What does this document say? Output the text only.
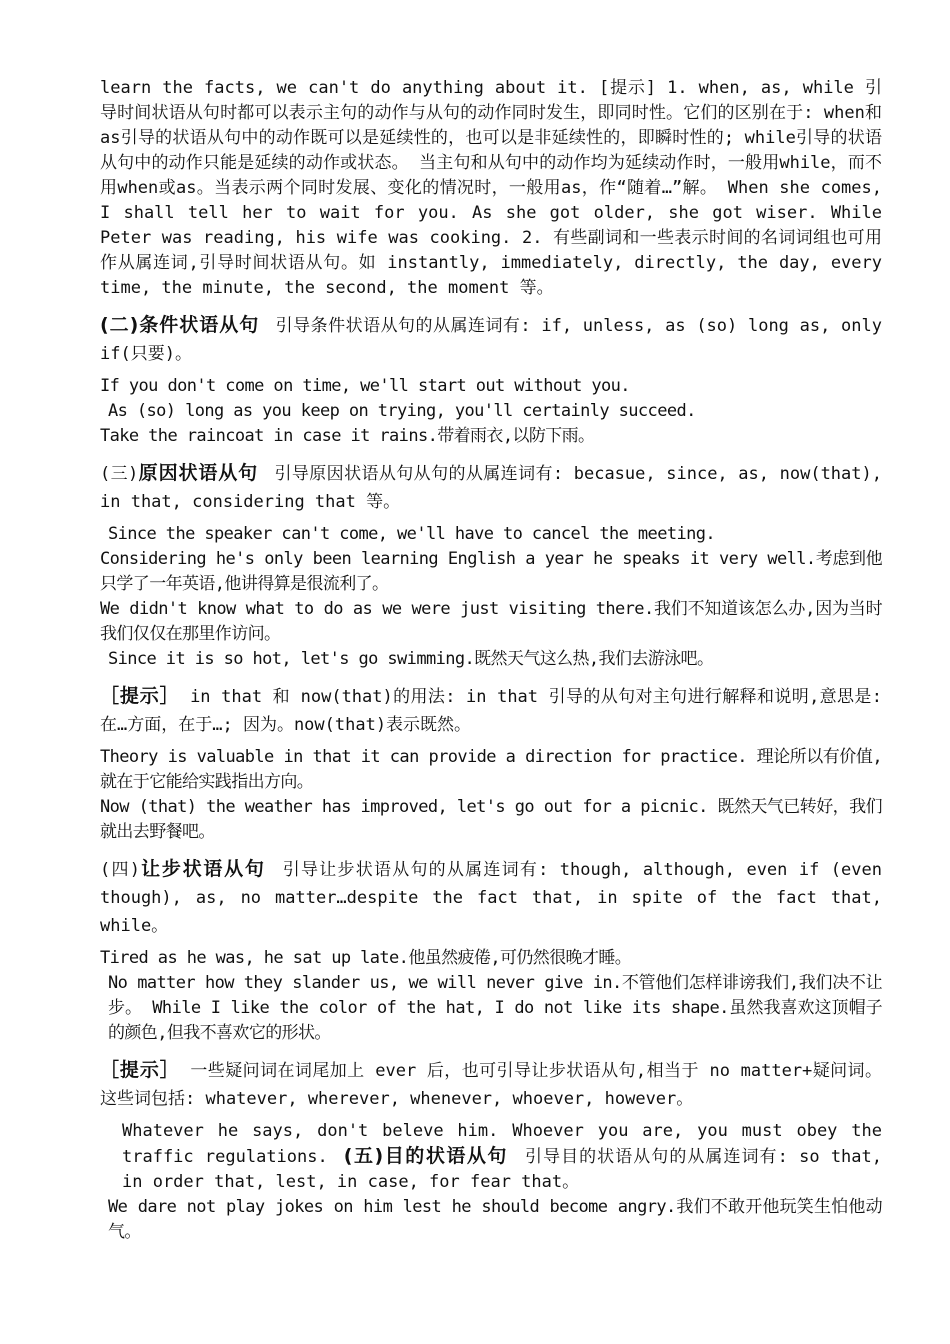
learn the facts, we can't do anything about it. [提示] 1. when, as, while 引导时间状语从句时都可以表示主句的动作与从句的动作同时发生，即同时性。它们的区别在于: when和as引导的状语从句中的动作既可以是延续性的，也可以是非延续性的，即瞬时性的; while引导的状语从句中的动作只能是延续的动作或状态。 当主句和从句中的动作均为延续动作时，一般用while，而不用when或as。当表示两个同时发展、变化的情况时，一般用as，作“随着…”解。 When she comes, I shall tell her to wait for you. As she got older, she got wiser. While Peter was reading, his wife was cooking. 2. 有些副词和一些表示时间的名词词组也可用作从属连词,引导时间状语从句。如 instantly, immediately, directly, the day, every time, the minute, the second, the moment 等。

(二)条件状语从句 引导条件状语从句的从属连词有: if, unless, as (so) long as, only if(只要)。

If you don't come on time, we'll start out without you.

As (so) long as you keep on trying, you'll certainly succeed.

Take the raincoat in case it rains.带着雨衣,以防下雨。

(三)原因状语从句 引导原因状语从句从句的从属连词有: becasue, since, as, now(that), in that, considering that 等。

Since the speaker can't come, we'll have to cancel the meeting.

Considering he's only been learning English a year he speaks it very well.考虑到他只学了一年英语,他讲得算是很流利了。

We didn't know what to do as we were just visiting there.我们不知道该怎么办,因为当时我们仅仅在那里作访问。

Since it is so hot, let's go swimming.既然天气这么热,我们去游泳吧。

［提示］ in that 和 now(that)的用法: in that 引导的从句对主句进行解释和说明,意思是:在…方面，在于…; 因为。now(that)表示既然。

Theory is valuable in that it can provide a direction for practice. 理论所以有价值,就在于它能给实践指出方向。

Now (that) the weather has improved, let's go out for a picnic. 既然天气已转好，我们就出去野餐吧。

(四)让步状语从句 引导让步状语从句的从属连词有: though, although, even if (even though), as, no matter…despite the fact that, in spite of the fact that, while。

Tired as he was, he sat up late.他虽然疲倦,可仍然很晚才睡。

No matter how they slander us, we will never give in.不管他们怎样诽谤我们,我们决不让步。 While I like the color of the hat, I do not like its shape.虽然我喜欢这顶帽子的颜色,但我不喜欢它的形状。

［提示］ 一些疑问词在词尾加上 ever 后，也可引导让步状语从句,相当于 no matter+疑问词。这些词包括: whatever, wherever, whenever, whoever, however。

Whatever he says, don't beleve him. Whoever you are, you must obey the traffic regulations. (五)目的状语从句 引导目的状语从句的从属连词有: so that, in order that, lest, in case, for fear that。

We dare not play jokes on him lest he should become angry.我们不敢开他玩笑生怕他动气。
